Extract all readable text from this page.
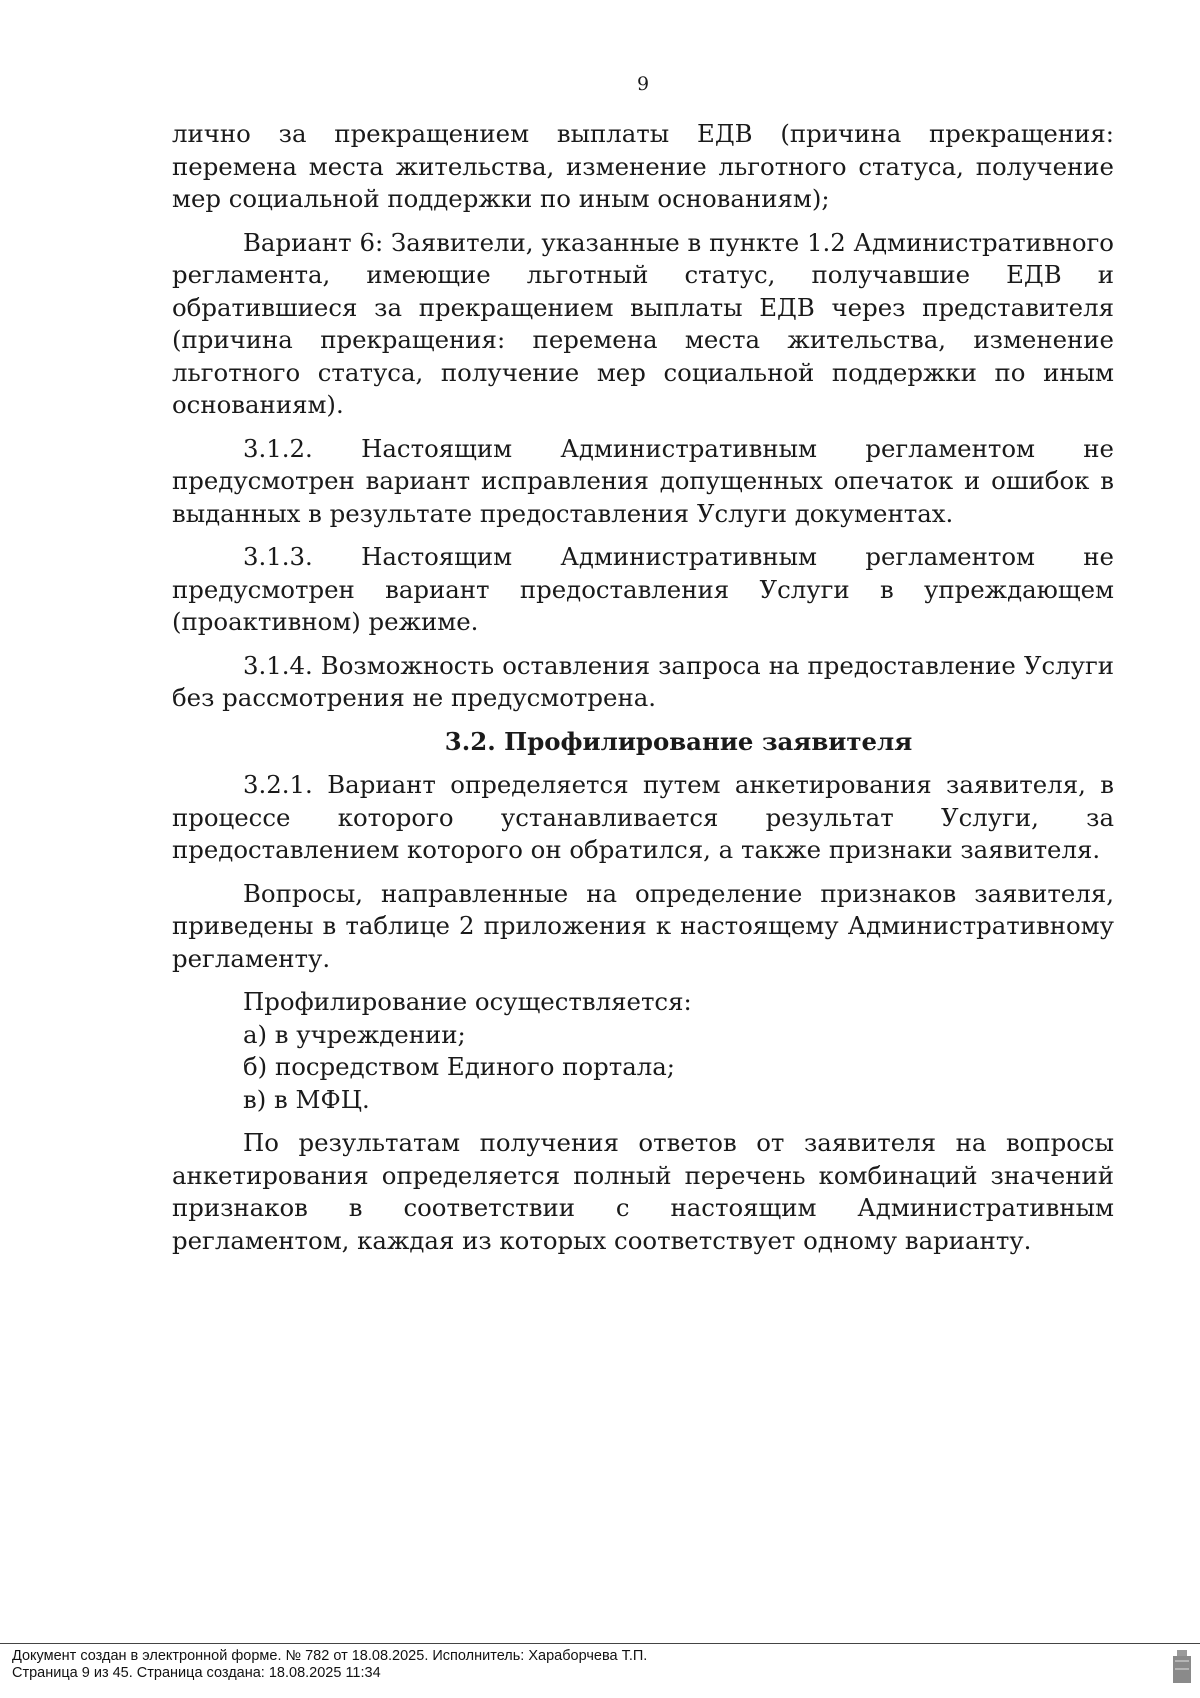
9

лично за прекращением выплаты ЕДВ (причина прекращения: перемена места жительства, изменение льготного статуса, получение мер социальной поддержки по иным основаниям);

Вариант 6: Заявители, указанные в пункте 1.2 Административного регламента, имеющие льготный статус, получавшие ЕДВ и обратившиеся за прекращением выплаты ЕДВ через представителя (причина прекращения: перемена места жительства, изменение льготного статуса, получение мер социальной поддержки по иным основаниям).

3.1.2. Настоящим Административным регламентом не предусмотрен вариант исправления допущенных опечаток и ошибок в выданных в результате предоставления Услуги документах.

3.1.3. Настоящим Административным регламентом не предусмотрен вариант предоставления Услуги в упреждающем (проактивном) режиме.

3.1.4. Возможность оставления запроса на предоставление Услуги без рассмотрения не предусмотрена.

3.2. Профилирование заявителя

3.2.1. Вариант определяется путем анкетирования заявителя, в процессе которого устанавливается результат Услуги, за предоставлением которого он обратился, а также признаки заявителя.

Вопросы, направленные на определение признаков заявителя, приведены в таблице 2 приложения к настоящему Административному регламенту.

Профилирование осуществляется:

а) в учреждении;

б) посредством Единого портала;

в) в МФЦ.

По результатам получения ответов от заявителя на вопросы анкетирования определяется полный перечень комбинаций значений признаков в соответствии с настоящим Административным регламентом, каждая из которых соответствует одному варианту.

Документ создан в электронной форме. № 782 от 18.08.2025. Исполнитель: Хараборчева Т.П.
Страница 9 из 45. Страница создана: 18.08.2025 11:34
